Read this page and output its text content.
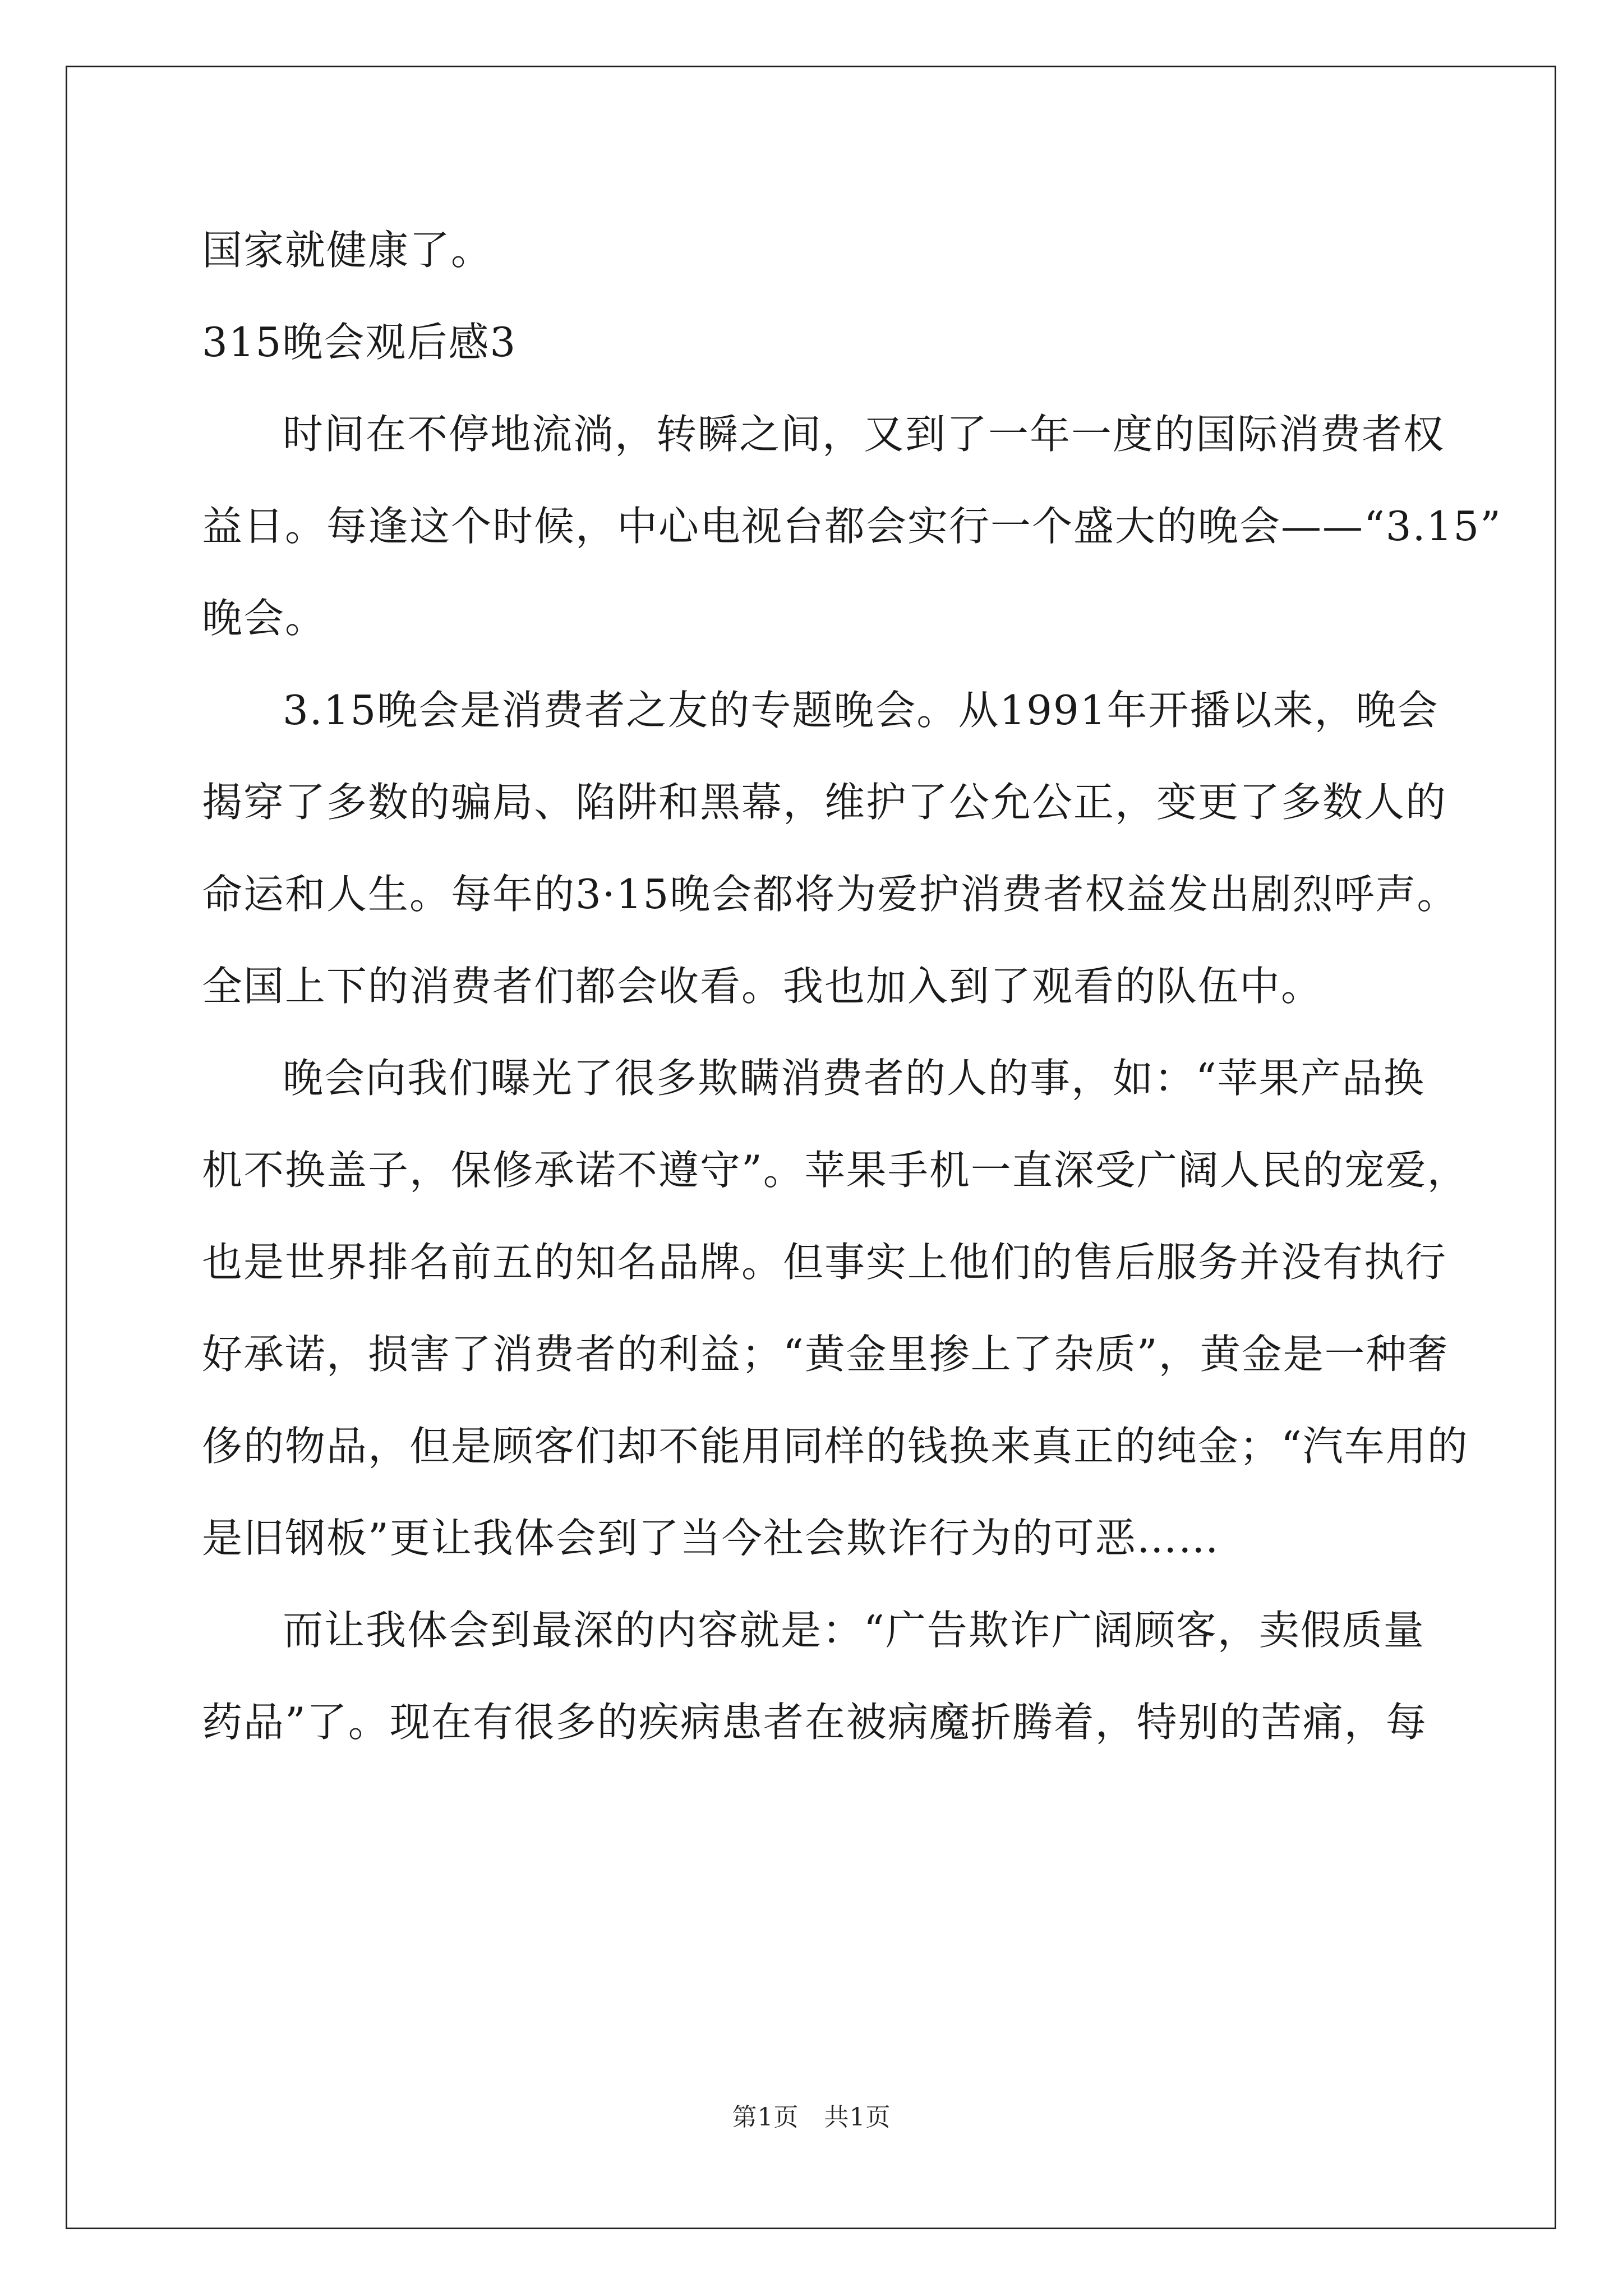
国家就健康了。
315晚会观后感3
时间在不停地流淌，转瞬之间，又到了一年一度的国际消费者权
益日。每逢这个时候，中心电视台都会实行一个盛大的晚会——“3.15”
晚会。
3.15晚会是消费者之友的专题晚会。从1991年开播以来，晚会
揭穿了多数的骗局、陷阱和黑幕，维护了公允公正，变更了多数人的
命运和人生。每年的3·15晚会都将为爱护消费者权益发出剧烈呼声。
全国上下的消费者们都会收看。我也加入到了观看的队伍中。
晚会向我们曝光了很多欺瞒消费者的人的事，如：“苹果产品换
机不换盖子，保修承诺不遵守”。苹果手机一直深受广阔人民的宠爱，
也是世界排名前五的知名品牌。但事实上他们的售后服务并没有执行
好承诺，损害了消费者的利益；“黄金里掺上了杂质”，黄金是一种奢
侈的物品，但是顾客们却不能用同样的钱换来真正的纯金；“汽车用的
是旧钢板”更让我体会到了当今社会欺诈行为的可恶……
而让我体会到最深的内容就是：“广告欺诈广阔顾客，卖假质量
药品”了。现在有很多的疾病患者在被病魔折腾着，特别的苦痛，每
第1页　共1页
